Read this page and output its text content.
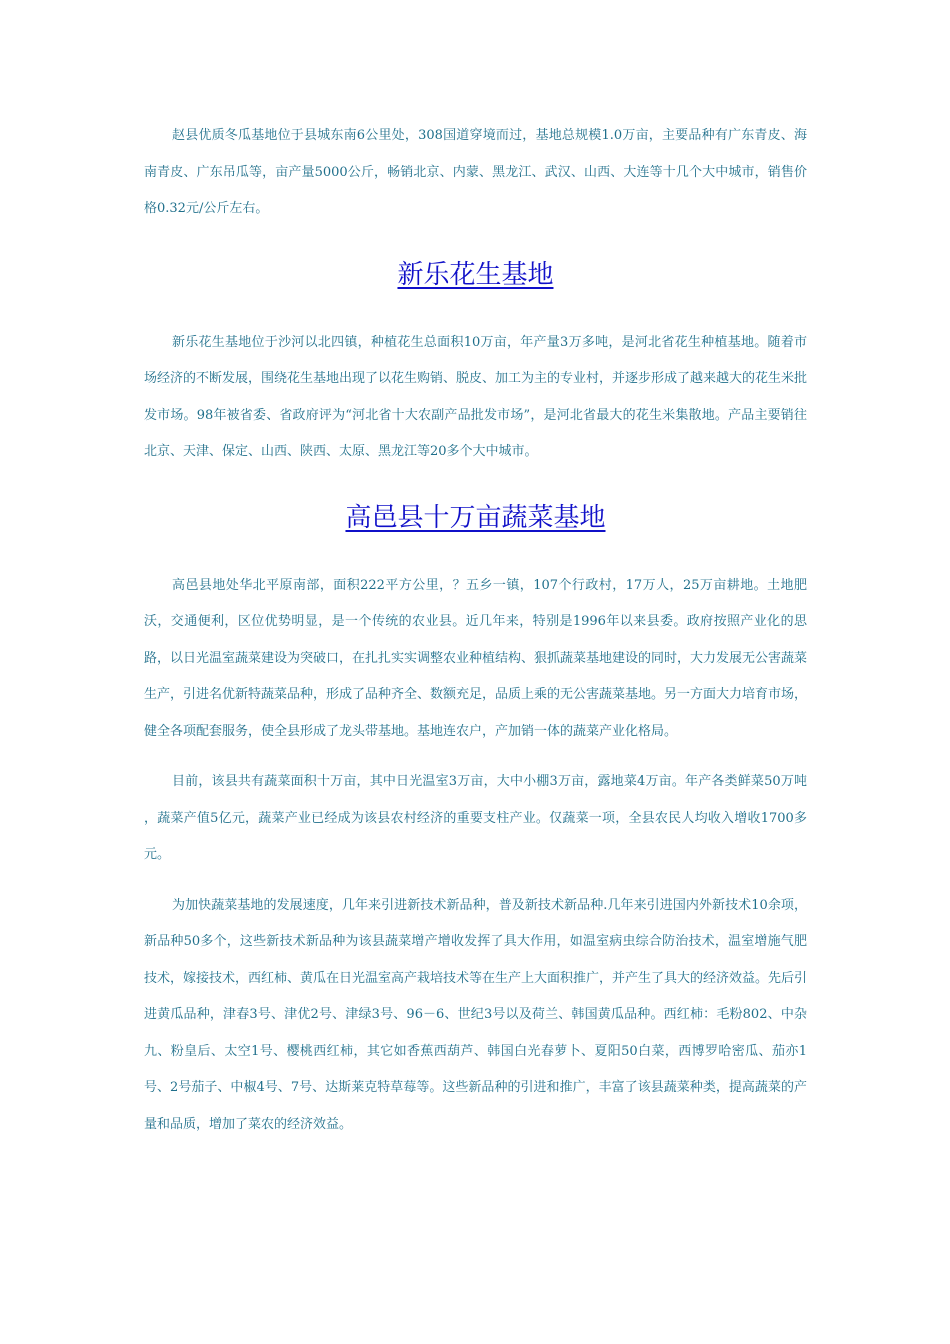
赵县优质冬瓜基地位于县城东南6公里处，308国道穿境而过，基地总规模1.0万亩，主要品种有广东青皮、海南青皮、广东吊瓜等，亩产量5000公斤，畅销北京、内蒙、黑龙江、武汉、山西、大连等十几个大中城市，销售价格0.32元/公斤左右。

新乐花生基地

新乐花生基地位于沙河以北四镇，种植花生总面积10万亩，年产量3万多吨，是河北省花生种植基地。随着市场经济的不断发展，围绕花生基地出现了以花生购销、脱皮、加工为主的专业村，并逐步形成了越来越大的花生米批发市场。98年被省委、省政府评为“河北省十大农副产品批发市场”，是河北省最大的花生米集散地。产品主要销往北京、天津、保定、山西、陕西、太原、黑龙江等20多个大中城市。

高邑县十万亩蔬菜基地

高邑县地处华北平原南部，面积222平方公里，？五乡一镇，107个行政村，17万人，25万亩耕地。土地肥沃，交通便利，区位优势明显，是一个传统的农业县。近几年来，特别是1996年以来县委。政府按照产业化的思路，以日光温室蔬菜建设为突破口，在扎扎实实调整农业种植结构、狠抓蔬菜基地建设的同时，大力发展无公害蔬菜生产，引进名优新特蔬菜品种，形成了品种齐全、数额充足，品质上乘的无公害蔬菜基地。另一方面大力培育市场，健全各项配套服务，使全县形成了龙头带基地。基地连农户，产加销一体的蔬菜产业化格局。

目前，该县共有蔬菜面积十万亩，其中日光温室3万亩，大中小棚3万亩，露地菜4万亩。年产各类鲜菜50万吨 ，蔬菜产值5亿元，蔬菜产业已经成为该县农村经济的重要支柱产业。仅蔬菜一项，全县农民人均收入增收1700多元。

为加快蔬菜基地的发展速度，几年来引进新技术新品种，普及新技术新品种.几年来引进国内外新技术10余项，新品种50多个，这些新技术新品种为该县蔬菜增产增收发挥了具大作用，如温室病虫综合防治技术，温室增施气肥技术，嫁接技术，西红柿、黄瓜在日光温室高产栽培技术等在生产上大面积推广，并产生了具大的经济效益。先后引进黄瓜品种，津春3号、津优2号、津绿3号、96－6、世纪3号以及荷兰、韩国黄瓜品种。西红柿：毛粉802、中杂九、粉皇后、太空1号、樱桃西红柿，其它如香蕉西葫芦、韩国白光春萝卜、夏阳50白菜，西博罗哈密瓜、茄亦1号、2号茄子、中椒4号、7号、达斯莱克特草莓等。这些新品种的引进和推广，丰富了该县蔬菜种类，提高蔬菜的产量和品质，增加了菜农的经济效益。
